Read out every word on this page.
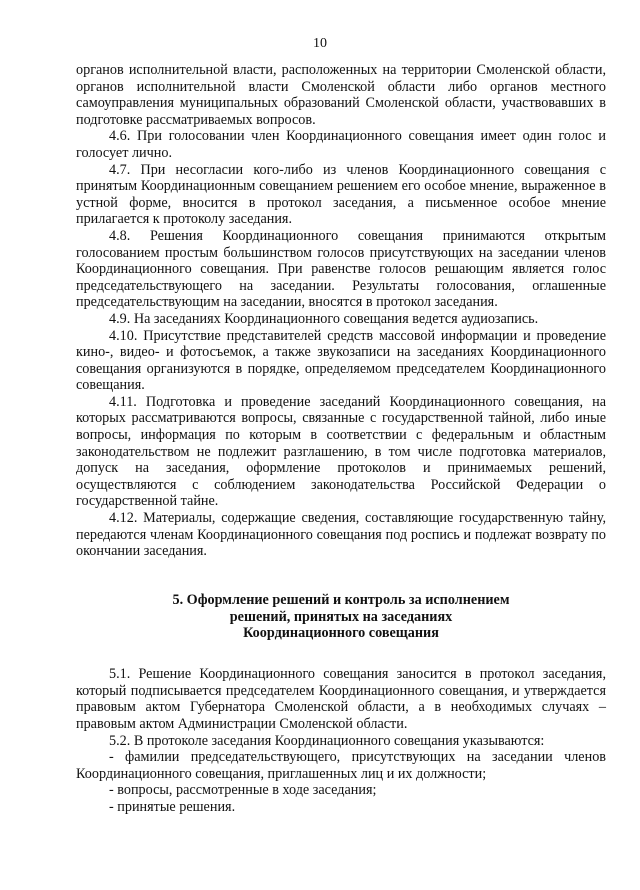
10

органов исполнительной власти, расположенных на территории Смоленской области, органов исполнительной власти Смоленской области либо органов местного самоуправления муниципальных образований Смоленской области, участвовавших в подготовке рассматриваемых вопросов.

4.6. При голосовании член Координационного совещания имеет один голос и голосует лично.

4.7. При несогласии кого-либо из членов Координационного совещания с принятым Координационным совещанием решением его особое мнение, выраженное в устной форме, вносится в протокол заседания, а письменное особое мнение прилагается к протоколу заседания.

4.8. Решения Координационного совещания принимаются открытым голосованием простым большинством голосов присутствующих на заседании членов Координационного совещания. При равенстве голосов решающим является голос председательствующего на заседании. Результаты голосования, оглашенные председательствующим на заседании, вносятся в протокол заседания.

4.9. На заседаниях Координационного совещания ведется аудиозапись.

4.10. Присутствие представителей средств массовой информации и проведение кино-, видео- и фотосъемок, а также звукозаписи на заседаниях Координационного совещания организуются в порядке, определяемом председателем Координационного совещания.

4.11. Подготовка и проведение заседаний Координационного совещания, на которых рассматриваются вопросы, связанные с государственной тайной, либо иные вопросы, информация по которым в соответствии с федеральным и областным законодательством не подлежит разглашению, в том числе подготовка материалов, допуск на заседания, оформление протоколов и принимаемых решений, осуществляются с соблюдением законодательства Российской Федерации о государственной тайне.

4.12. Материалы, содержащие сведения, составляющие государственную тайну, передаются членам Координационного совещания под роспись и подлежат возврату по окончании заседания.

5. Оформление решений и контроль за исполнением
решений, принятых на заседаниях
Координационного совещания

5.1. Решение Координационного совещания заносится в протокол заседания, который подписывается председателем Координационного совещания, и утверждается правовым актом Губернатора Смоленской области, а в необходимых случаях – правовым актом Администрации Смоленской области.

5.2. В протоколе заседания Координационного совещания указываются:

- фамилии председательствующего, присутствующих на заседании членов Координационного совещания, приглашенных лиц и их должности;

- вопросы, рассмотренные в ходе заседания;

- принятые решения.
